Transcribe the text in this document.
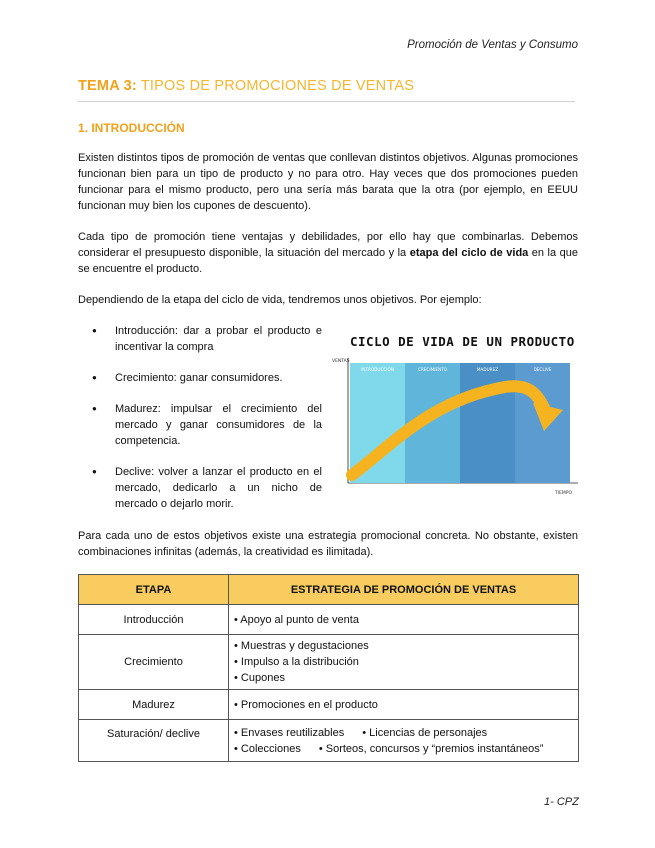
Promoción de Ventas y Consumo
TEMA 3: TIPOS DE PROMOCIONES DE VENTAS
1. INTRODUCCIÓN
Existen distintos tipos de promoción de ventas que conllevan distintos objetivos. Algunas promociones funcionan bien para un tipo de producto y no para otro. Hay veces que dos promociones pueden funcionar para el mismo producto, pero una sería más barata que la otra (por ejemplo, en EEUU funcionan muy bien los cupones de descuento).
Cada tipo de promoción tiene ventajas y debilidades, por ello hay que combinarlas. Debemos considerar el presupuesto disponible, la situación del mercado y la etapa del ciclo de vida en la que se encuentre el producto.
Dependiendo de la etapa del ciclo de vida, tendremos unos objetivos. Por ejemplo:
● Introducción: dar a probar el producto e incentivar la compra
● Crecimiento: ganar consumidores.
● Madurez: impulsar el crecimiento del mercado y ganar consumidores de la competencia.
● Declive: volver a lanzar el producto en el mercado, dedicarlo a un nicho de mercado o dejarlo morir.
CICLO DE VIDA DE UN PRODUCTO
VENTAS
INTRODUCCIÓN	CRECIMIENTO	MADUREZ	DECLIVE
TIEMPO
Para cada uno de estos objetivos existe una estrategia promocional concreta. No obstante, existen combinaciones infinitas (además, la creatividad es ilimitada).
ETAPA	ESTRATEGIA DE PROMOCIÓN DE VENTAS
Introducción	• Apoyo al punto de venta

Crecimiento	• Muestras y degustaciones
• Impulso a la distribución
• Cupones

Madurez	• Promociones en el producto

Saturación/ declive	• Envases reutilizables • Licencias de personajes
• Colecciones • Sorteos, concursos y “premios instantáneos”
1- CPZ
